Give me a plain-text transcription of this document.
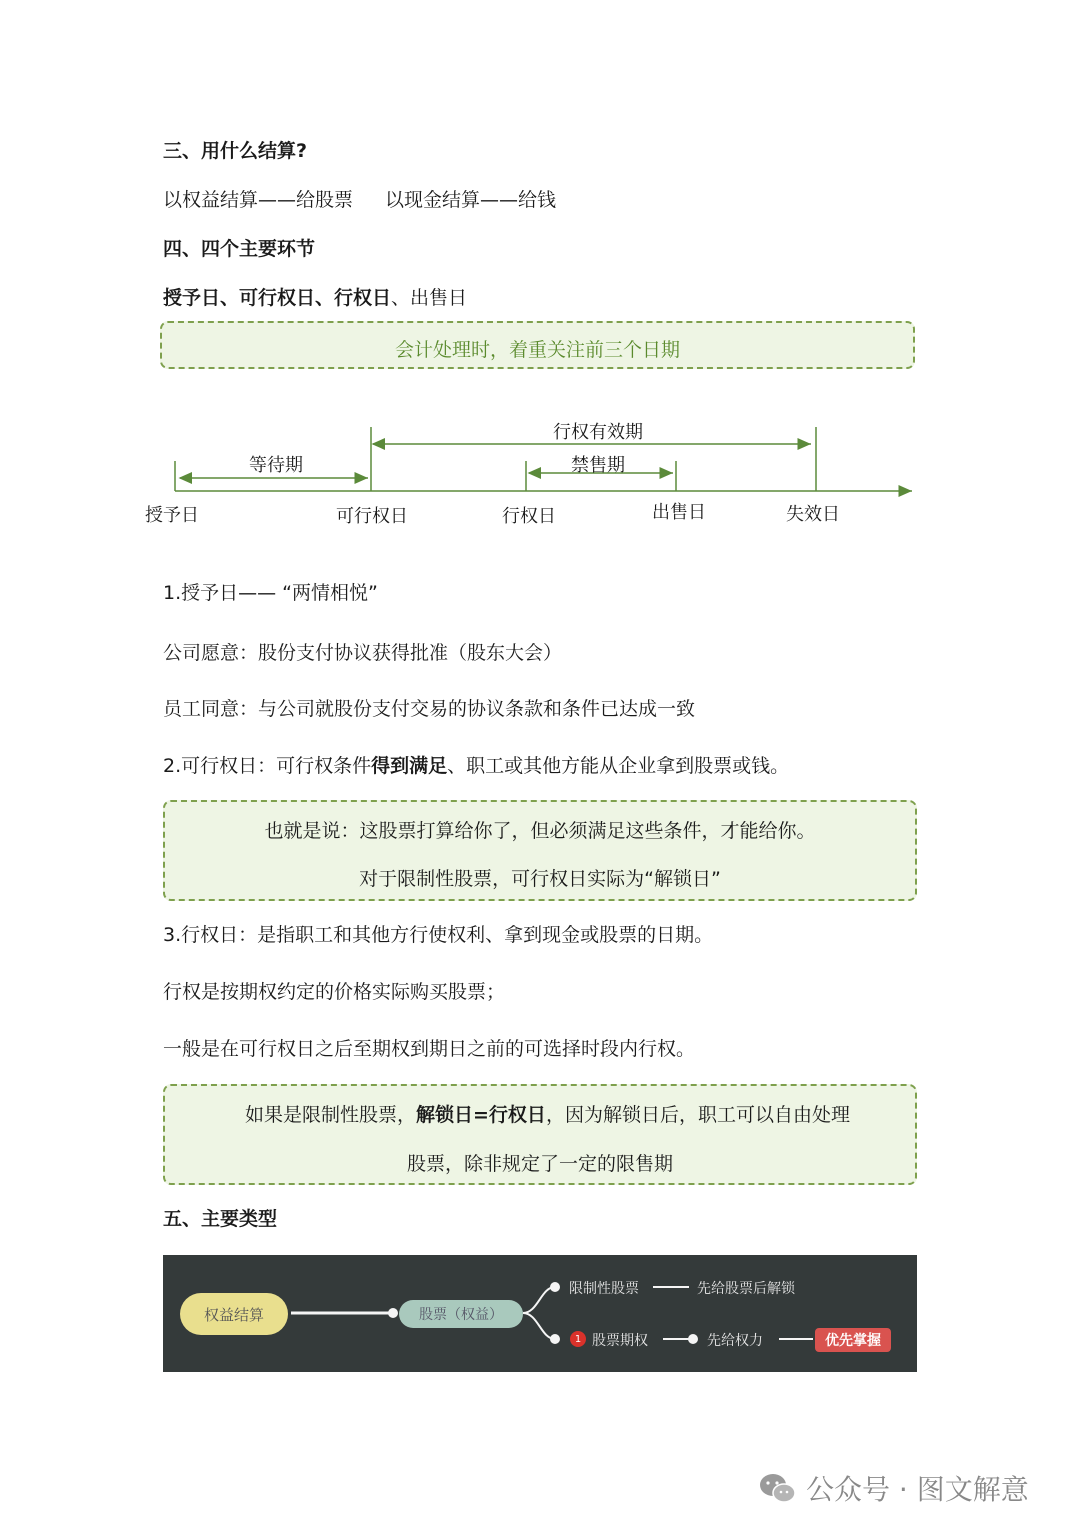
三、用什么结算?
以权益结算——给股票 以现金结算——给钱
四、四个主要环节
授予日、可行权日、行权日、出售日
会计处理时，着重关注前三个日期
行权有效期
等待期	禁售期
授予日	可行权日	行权日	出售日	失效日
1.授予日—— “两情相悦”
公司愿意：股份支付协议获得批准（股东大会）
员工同意：与公司就股份支付交易的协议条款和条件已达成一致
2.可行权日：可行权条件得到满足、职工或其他方能从企业拿到股票或钱。
也就是说：这股票打算给你了，但必须满足这些条件，才能给你。
对于限制性股票，可行权日实际为“解锁日”
3.行权日：是指职工和其他方行使权利、拿到现金或股票的日期。
行权是按期权约定的价格实际购买股票；
一般是在可行权日之后至期权到期日之前的可选择时段内行权。
如果是限制性股票，解锁日=行权日，因为解锁日后，职工可以自由处理
股票，除非规定了一定的限售期
五、主要类型
权益结算	股票（权益）
限制性股票	先给股票后解锁
1 股票期权	先给权力	优先掌握
公众号 · 图文解意
